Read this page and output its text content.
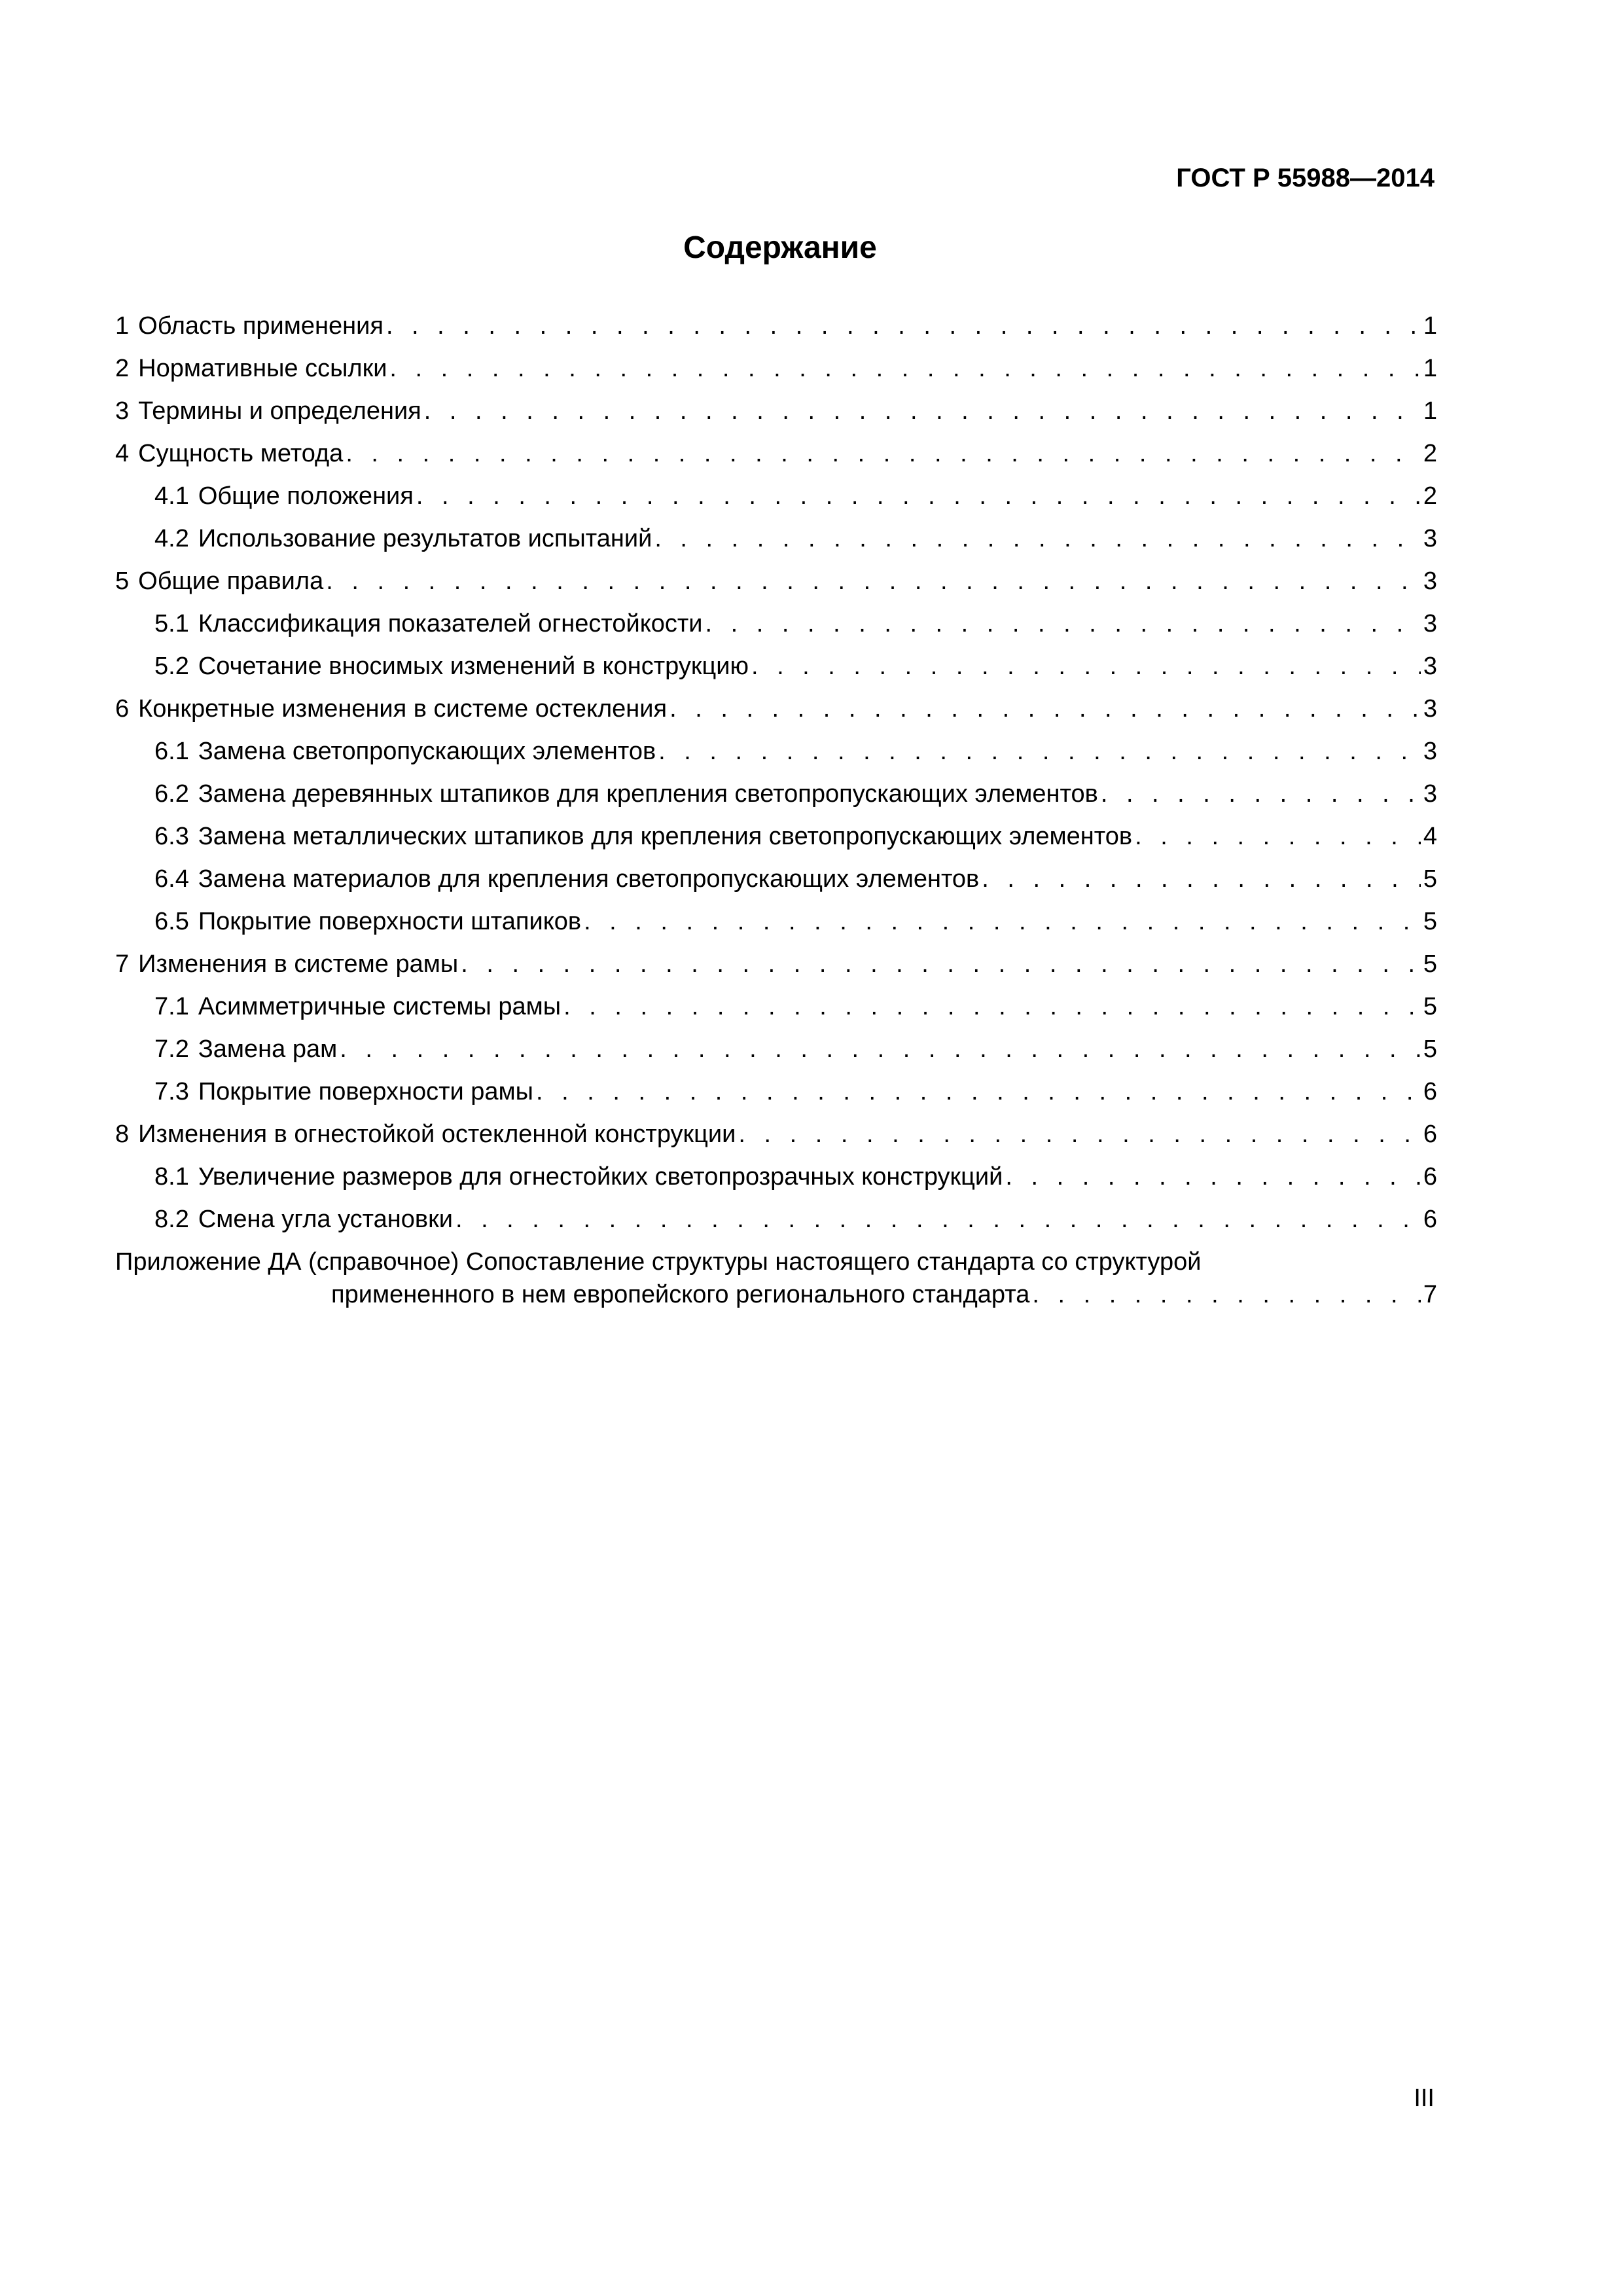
ГОСТ Р 55988—2014
Содержание
1 Область применения . . .	1
2 Нормативные ссылки . . .	1
3 Термины и определения . . .	1
4 Сущность метода . . .	2
4.1 Общие положения . . .	2
4.2 Использование результатов испытаний . . .	3
5 Общие правила . . .	3
5.1 Классификация показателей огнестойкости . . .	3
5.2 Сочетание вносимых изменений в конструкцию . . .	3
6 Конкретные изменения в системе остекления . . .	3
6.1 Замена светопропускающих элементов . . .	3
6.2 Замена деревянных штапиков для крепления светопропускающих элементов . . .	3
6.3 Замена металлических штапиков для крепления светопропускающих элементов . . .	4
6.4 Замена материалов для крепления светопропускающих элементов . . .	5
6.5 Покрытие поверхности штапиков . . .	5
7 Изменения в системе рамы . . .	5
7.1 Асимметричные системы рамы . . .	5
7.2 Замена рам . . .	5
7.3 Покрытие поверхности рамы . . .	6
8 Изменения в огнестойкой остекленной конструкции . . .	6
8.1 Увеличение размеров для огнестойких светопрозрачных конструкций . . .	6
8.2 Смена угла установки . . .	6
Приложение ДА (справочное) Сопоставление структуры настоящего стандарта со структурой
примененного в нем европейского регионального стандарта . . .	7
III
